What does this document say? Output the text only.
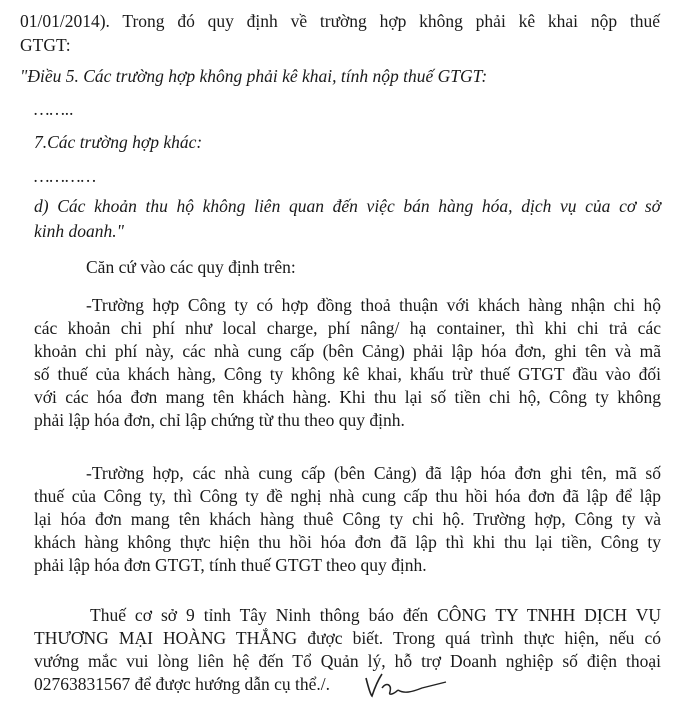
01/01/2014). Trong đó quy định về trường hợp không phải kê khai nộp thuế
GTGT:
"Điều 5. Các trường hợp không phải kê khai, tính nộp thuế GTGT:
……..
7.Các trường hợp khác:
…………
d) Các khoản thu hộ không liên quan đến việc bán hàng hóa, dịch vụ của cơ sở
kinh doanh."
Căn cứ vào các quy định trên:
-Trường hợp Công ty có hợp đồng thoả thuận với khách hàng nhận chi hộ
các khoản chi phí như local charge, phí nâng/ hạ container, thì khi chi trả các
khoản chi phí này, các nhà cung cấp (bên Cảng) phải lập hóa đơn, ghi tên và mã
số thuế của khách hàng, Công ty không kê khai, khấu trừ thuế GTGT đầu vào đối
với các hóa đơn mang tên khách hàng. Khi thu lại số tiền chi hộ, Công ty không
phải lập hóa đơn, chỉ lập chứng từ thu theo quy định.
-Trường hợp, các nhà cung cấp (bên Cảng) đã lập hóa đơn ghi tên, mã số
thuế của Công ty, thì Công ty đề nghị nhà cung cấp thu hồi hóa đơn đã lập để lập
lại hóa đơn mang tên khách hàng thuê Công ty chi hộ. Trường hợp, Công ty và
khách hàng không thực hiện thu hồi hóa đơn đã lập thì khi thu lại tiền, Công ty
phải lập hóa đơn GTGT, tính thuế GTGT theo quy định.
Thuế cơ sở 9 tỉnh Tây Ninh thông báo đến CÔNG TY TNHH DỊCH VỤ
THƯƠNG MẠI HOÀNG THẮNG được biết. Trong quá trình thực hiện, nếu có
vướng mắc vui lòng liên hệ đến Tổ Quản lý, hỗ trợ Doanh nghiệp số điện thoại
02763831567 để được hướng dẫn cụ thể./.
